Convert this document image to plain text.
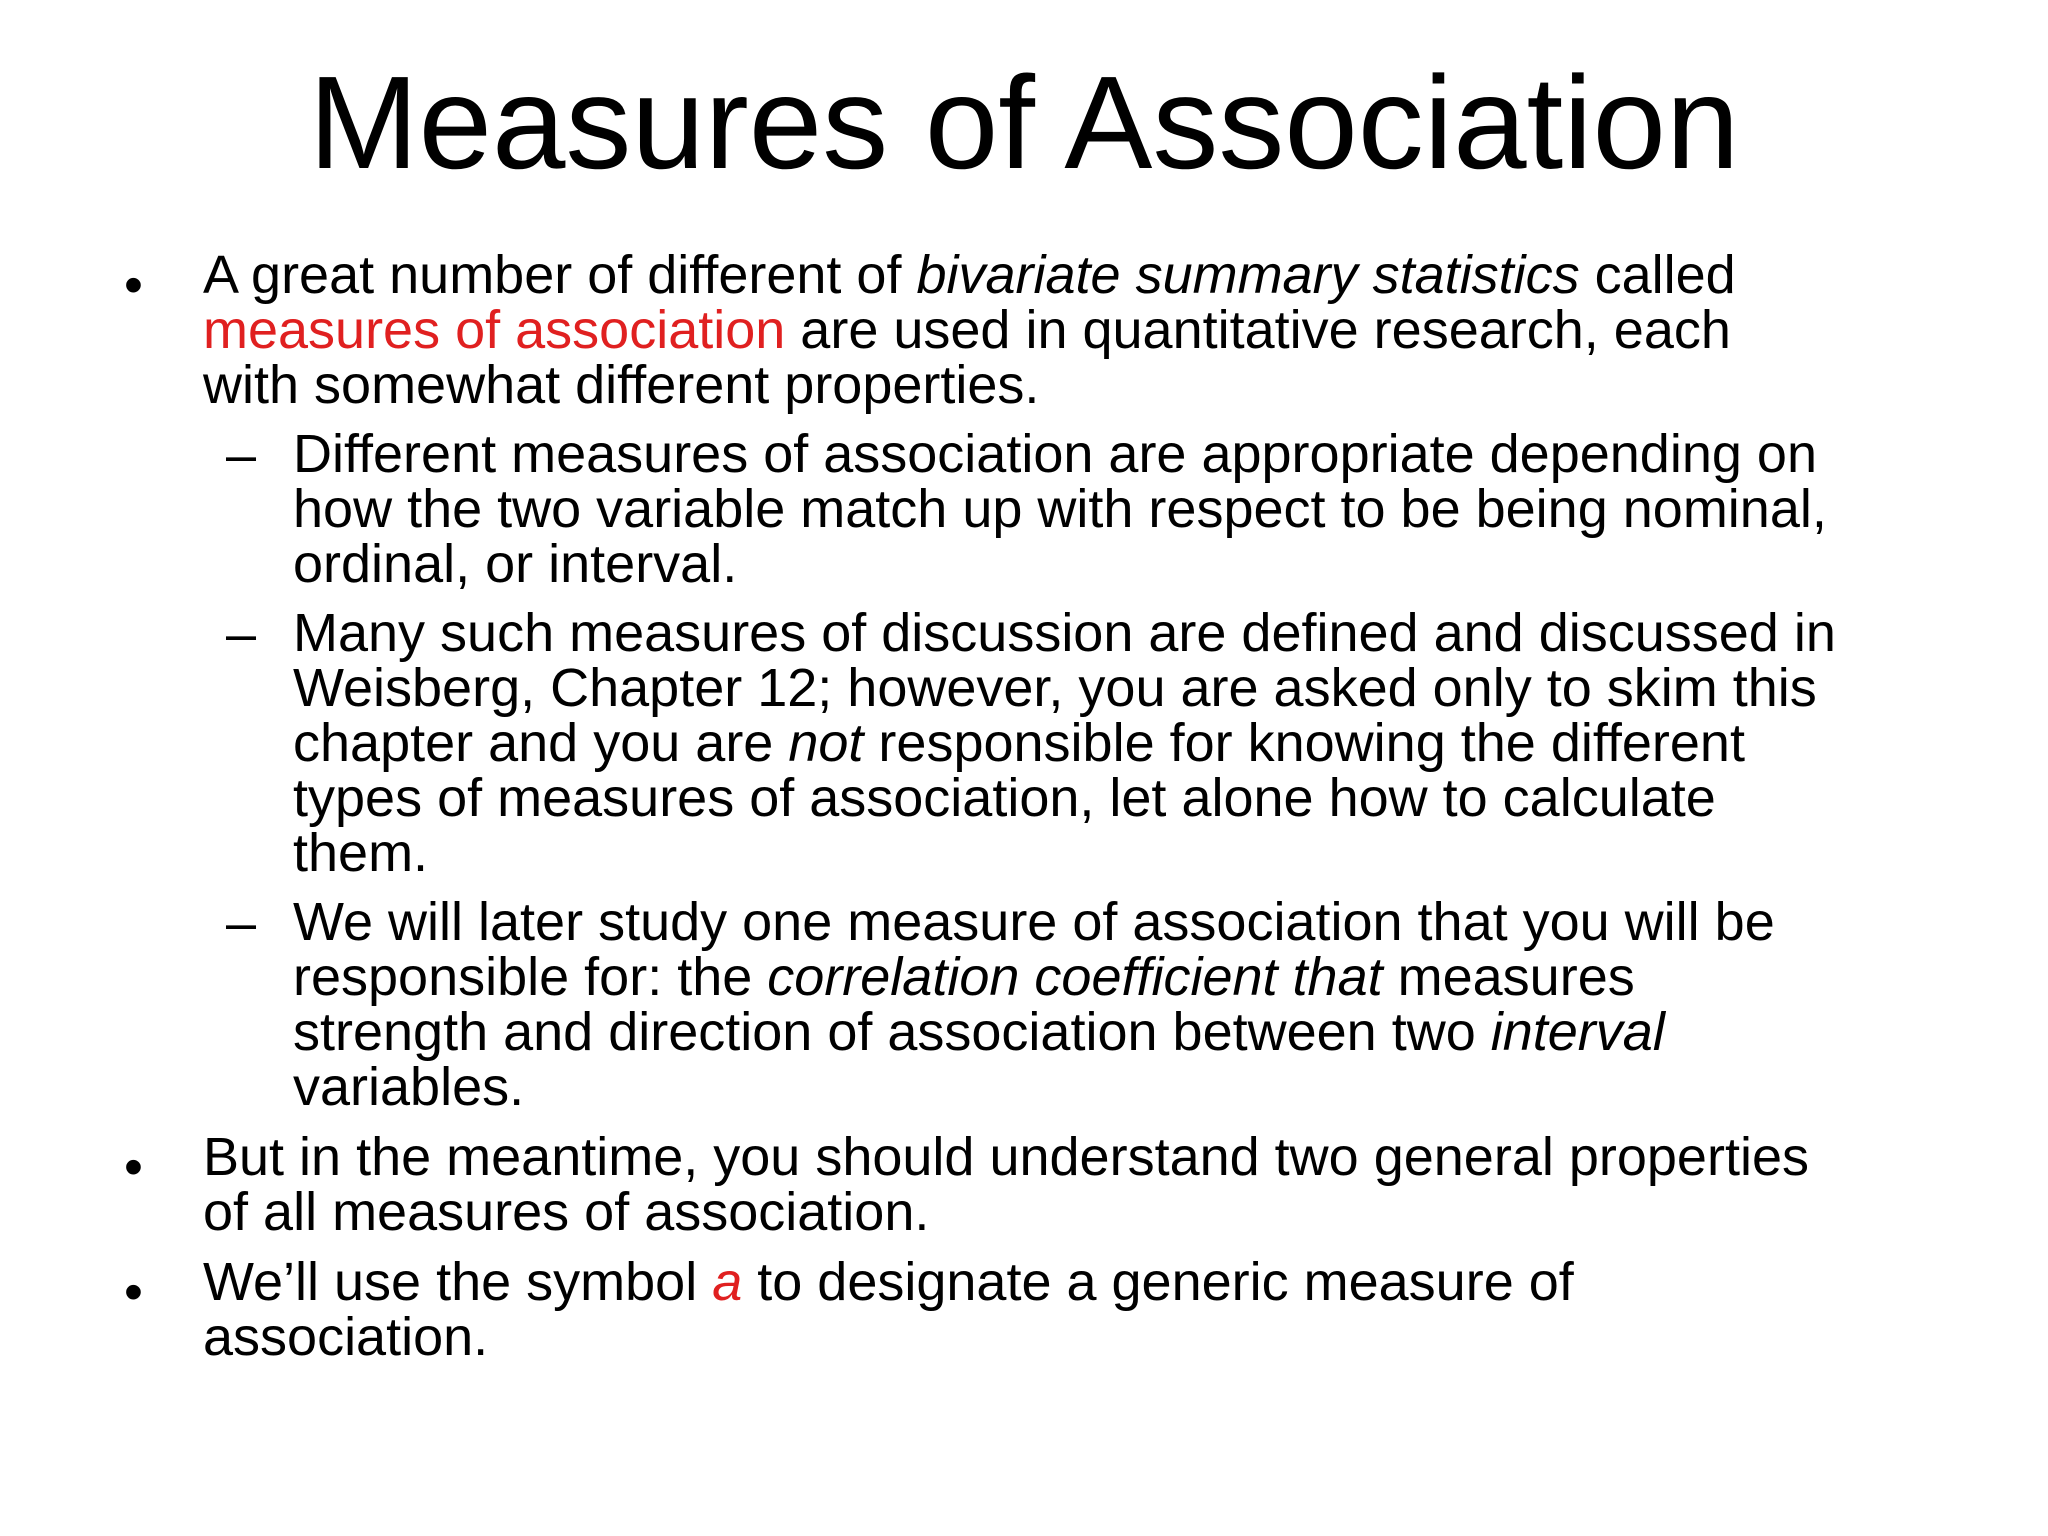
Measures of Association
• A great number of different of bivariate summary statistics called
measures of association are used in quantitative research, each
with somewhat different properties.
– Different measures of association are appropriate depending on
how the two variable match up with respect to be being nominal,
ordinal, or interval.
– Many such measures of discussion are defined and discussed in
Weisberg, Chapter 12; however, you are asked only to skim this
chapter and you are not responsible for knowing the different
types of measures of association, let alone how to calculate
them.
– We will later study one measure of association that you will be
responsible for: the correlation coefficient that measures
strength and direction of association between two interval
variables.
• But in the meantime, you should understand two general properties
of all measures of association.
• We’ll use the symbol a to designate a generic measure of
association.
